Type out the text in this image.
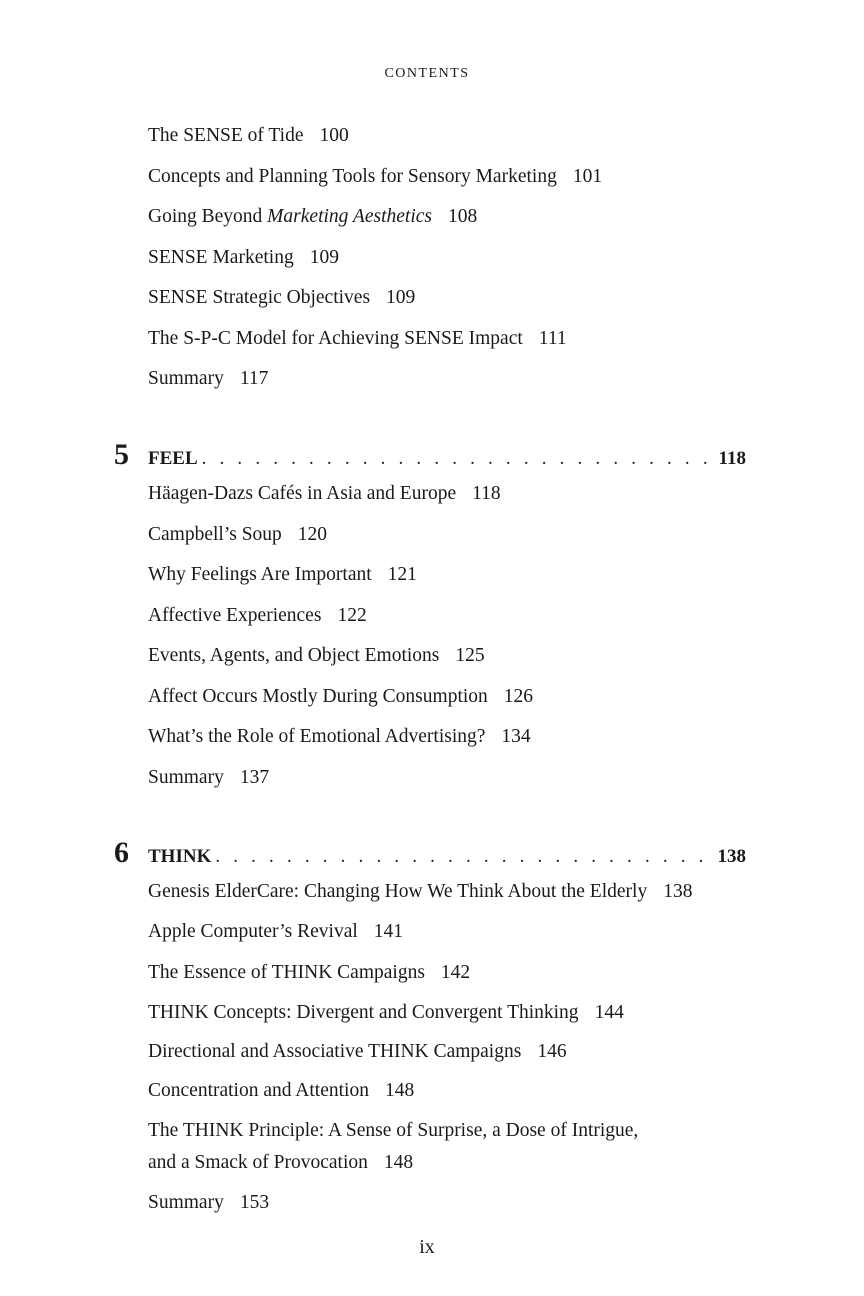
CONTENTS
The SENSE of Tide 100
Concepts and Planning Tools for Sensory Marketing 101
Going Beyond Marketing Aesthetics 108
SENSE Marketing 109
SENSE Strategic Objectives 109
The S-P-C Model for Achieving SENSE Impact 111
Summary 117
5	FEEL . . .	118
Häagen-Dazs Cafés in Asia and Europe 118
Campbell’s Soup 120
Why Feelings Are Important 121
Affective Experiences 122
Events, Agents, and Object Emotions 125
Affect Occurs Mostly During Consumption 126
What’s the Role of Emotional Advertising? 134
Summary 137
6	THINK . . .	138
Genesis ElderCare: Changing How We Think About the Elderly 138
Apple Computer’s Revival 141
The Essence of THINK Campaigns 142
THINK Concepts: Divergent and Convergent Thinking 144
Directional and Associative THINK Campaigns 146
Concentration and Attention 148
The THINK Principle: A Sense of Surprise, a Dose of Intrigue,
and a Smack of Provocation 148
Summary 153
ix
